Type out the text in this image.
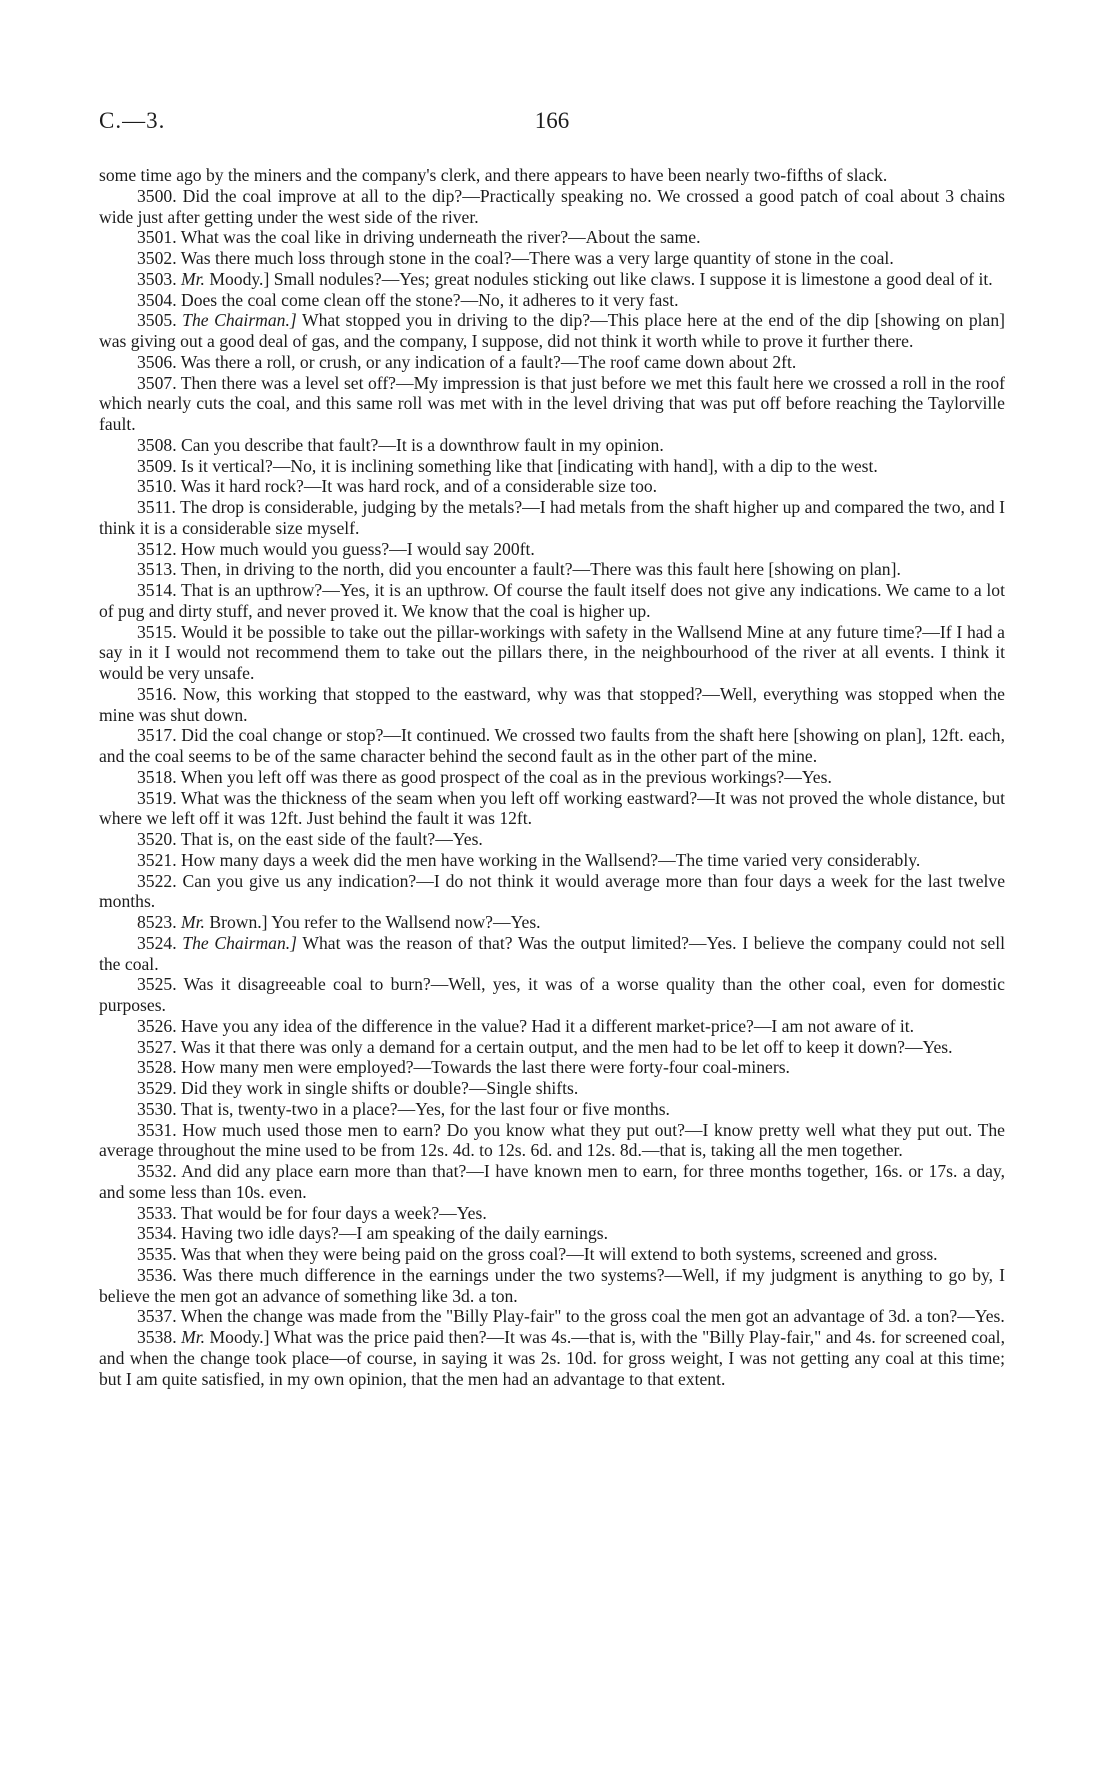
C.—3.	166

some time ago by the miners and the company's clerk, and there appears to have been nearly two-fifths of slack.

3500. Did the coal improve at all to the dip?—Practically speaking no. We crossed a good patch of coal about 3 chains wide just after getting under the west side of the river.

3501. What was the coal like in driving underneath the river?—About the same.

3502. Was there much loss through stone in the coal?—There was a very large quantity of stone in the coal.

3503. Mr. Moody.] Small nodules?—Yes; great nodules sticking out like claws. I suppose it is limestone a good deal of it.

3504. Does the coal come clean off the stone?—No, it adheres to it very fast.

3505. The Chairman.] What stopped you in driving to the dip?—This place here at the end of the dip [showing on plan] was giving out a good deal of gas, and the company, I suppose, did not think it worth while to prove it further there.

3506. Was there a roll, or crush, or any indication of a fault?—The roof came down about 2ft.

3507. Then there was a level set off?—My impression is that just before we met this fault here we crossed a roll in the roof which nearly cuts the coal, and this same roll was met with in the level driving that was put off before reaching the Taylorville fault.

3508. Can you describe that fault?—It is a downthrow fault in my opinion.

3509. Is it vertical?—No, it is inclining something like that [indicating with hand], with a dip to the west.

3510. Was it hard rock?—It was hard rock, and of a considerable size too.

3511. The drop is considerable, judging by the metals?—I had metals from the shaft higher up and compared the two, and I think it is a considerable size myself.

3512. How much would you guess?—I would say 200ft.

3513. Then, in driving to the north, did you encounter a fault?—There was this fault here [showing on plan].

3514. That is an upthrow?—Yes, it is an upthrow. Of course the fault itself does not give any indications. We came to a lot of pug and dirty stuff, and never proved it. We know that the coal is higher up.

3515. Would it be possible to take out the pillar-workings with safety in the Wallsend Mine at any future time?—If I had a say in it I would not recommend them to take out the pillars there, in the neighbourhood of the river at all events. I think it would be very unsafe.

3516. Now, this working that stopped to the eastward, why was that stopped?—Well, everything was stopped when the mine was shut down.

3517. Did the coal change or stop?—It continued. We crossed two faults from the shaft here [showing on plan], 12ft. each, and the coal seems to be of the same character behind the second fault as in the other part of the mine.

3518. When you left off was there as good prospect of the coal as in the previous workings?—Yes.

3519. What was the thickness of the seam when you left off working eastward?—It was not proved the whole distance, but where we left off it was 12ft. Just behind the fault it was 12ft.

3520. That is, on the east side of the fault?—Yes.

3521. How many days a week did the men have working in the Wallsend?—The time varied very considerably.

3522. Can you give us any indication?—I do not think it would average more than four days a week for the last twelve months.

8523. Mr. Brown.] You refer to the Wallsend now?—Yes.

3524. The Chairman.] What was the reason of that? Was the output limited?—Yes. I believe the company could not sell the coal.

3525. Was it disagreeable coal to burn?—Well, yes, it was of a worse quality than the other coal, even for domestic purposes.

3526. Have you any idea of the difference in the value? Had it a different market-price?—I am not aware of it.

3527. Was it that there was only a demand for a certain output, and the men had to be let off to keep it down?—Yes.

3528. How many men were employed?—Towards the last there were forty-four coal-miners.

3529. Did they work in single shifts or double?—Single shifts.

3530. That is, twenty-two in a place?—Yes, for the last four or five months.

3531. How much used those men to earn? Do you know what they put out?—I know pretty well what they put out. The average throughout the mine used to be from 12s. 4d. to 12s. 6d. and 12s. 8d.—that is, taking all the men together.

3532. And did any place earn more than that?—I have known men to earn, for three months together, 16s. or 17s. a day, and some less than 10s. even.

3533. That would be for four days a week?—Yes.

3534. Having two idle days?—I am speaking of the daily earnings.

3535. Was that when they were being paid on the gross coal?—It will extend to both systems, screened and gross.

3536. Was there much difference in the earnings under the two systems?—Well, if my judgment is anything to go by, I believe the men got an advance of something like 3d. a ton.

3537. When the change was made from the "Billy Play-fair" to the gross coal the men got an advantage of 3d. a ton?—Yes.

3538. Mr. Moody.] What was the price paid then?—It was 4s.—that is, with the "Billy Play-fair," and 4s. for screened coal, and when the change took place—of course, in saying it was 2s. 10d. for gross weight, I was not getting any coal at this time; but I am quite satisfied, in my own opinion, that the men had an advantage to that extent.
